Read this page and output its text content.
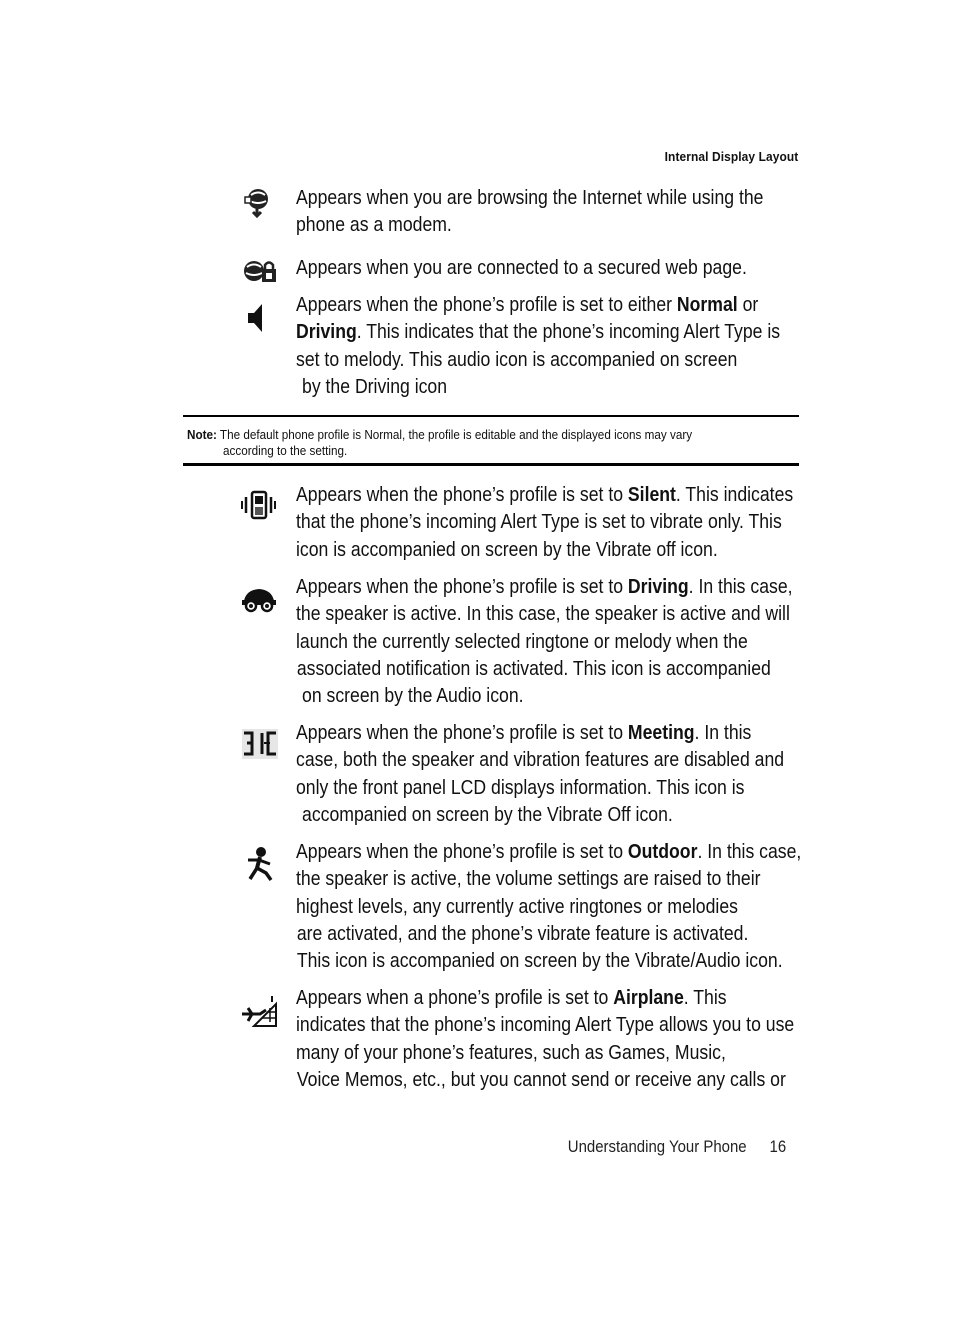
Internal Display Layout
Appears when you are browsing the Internet while using the
phone as a modem.
Appears when you are connected to a secured web page.
Appears when the phone’s profile is set to either Normal or
Driving. This indicates that the phone’s incoming Alert Type is
set to melody. This audio icon is accompanied on screen
by the Driving icon
Note: The default phone profile is Normal, the profile is editable and the displayed icons may vary
according to the setting.
Appears when the phone’s profile is set to Silent. This indicates
that the phone’s incoming Alert Type is set to vibrate only. This
icon is accompanied on screen by the Vibrate off icon.
Appears when the phone’s profile is set to Driving. In this case,
the speaker is active. In this case, the speaker is active and will
launch the currently selected ringtone or melody when the
associated notification is activated. This icon is accompanied
on screen by the Audio icon.
Appears when the phone’s profile is set to Meeting. In this
case, both the speaker and vibration features are disabled and
only the front panel LCD displays information. This icon is
accompanied on screen by the Vibrate Off icon.
Appears when the phone’s profile is set to Outdoor. In this case,
the speaker is active, the volume settings are raised to their
highest levels, any currently active ringtones or melodies
are activated, and the phone’s vibrate feature is activated.
This icon is accompanied on screen by the Vibrate/Audio icon.
Appears when a phone’s profile is set to Airplane. This
indicates that the phone’s incoming Alert Type allows you to use
many of your phone’s features, such as Games, Music,
Voice Memos, etc., but you cannot send or receive any calls or
Understanding Your Phone 16
